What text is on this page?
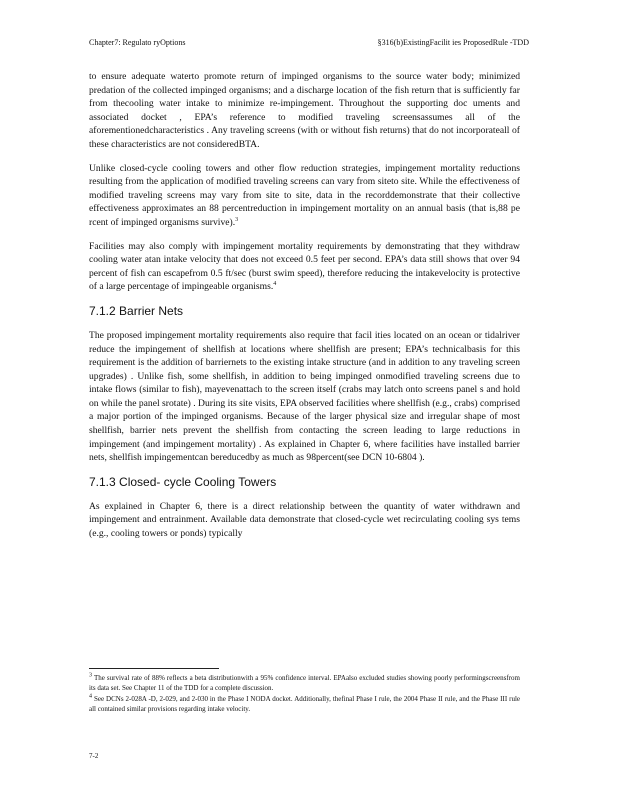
Chapter7: Regulato ryOptions	§316(b)ExistingFacilit ies ProposedRule -TDD

to ensure adequate waterto promote return of impinged organisms to the source water body; minimized predation of the collected impinged organisms; and a discharge location of the fish return that is sufficiently far from thecooling water intake to minimize re-impingement. Throughout the supporting doc uments and associated docket , EPA’s reference to modified traveling screensassumes all of the aforementionedcharacteristics . Any traveling screens (with or without fish returns) that do not incorporateall of these characteristics are not consideredBTA.

Unlike closed-cycle cooling towers and other flow reduction strategies, impingement mortality reductions resulting from the application of modified traveling screens can vary from siteto site. While the effectiveness of modified traveling screens may vary from site to site, data in the recorddemonstrate that their collective effectiveness approximates an 88 percentreduction in impingement mortality on an annual basis (that is,88 pe rcent of impinged organisms survive).$^3$

Facilities may also comply with impingement mortality requirements by demonstrating that they withdraw cooling water atan intake velocity that does not exceed 0.5 feet per second. EPA’s data still shows that over 94 percent of fish can escapefrom 0.5 ft/sec (burst swim speed), therefore reducing the intakevelocity is protective of a large percentage of impingeable organisms.$^4$

7.1.2 Barrier Nets

The proposed impingement mortality requirements also require that facil ities located on an ocean or tidalriver reduce the impingement of shellfish at locations where shellfish are present; EPA’s technicalbasis for this requirement is the addition of barriernets to the existing intake structure (and in addition to any traveling screen upgrades) . Unlike fish, some shellfish, in addition to being impinged onmodified traveling screens due to intake flows (similar to fish), mayevenattach to the screen itself (crabs may latch onto screens panel s and hold on while the panel srotate) . During its site visits, EPA observed facilities where shellfish (e.g., crabs) comprised a major portion of the impinged organisms. Because of the larger physical size and irregular shape of most shellfish, barrier nets prevent the shellfish from contacting the screen leading to large reductions in impingement (and impingement mortality) . As explained in Chapter 6, where facilities have installed barrier nets, shellfish impingementcan bereducedby as much as 98percent(see DCN 10-6804 ).

7.1.3 Closed- cycle Cooling Towers

As explained in Chapter 6, there is a direct relationship between the quantity of water withdrawn and impingement and entrainment. Available data demonstrate that closed-cycle wet recirculating cooling sys tems (e.g., cooling towers or ponds) typically

$^3$ The survival rate of 88% reflects a beta distributionwith a 95% confidence interval. EPAalso excluded studies showing poorly performingscreensfrom its data set. See Chapter 11 of the TDD for a complete discussion.

$^4$ See DCNs 2-028A -D, 2-029, and 2-030 in the Phase I NODA docket. Additionally, thefinal Phase I rule, the 2004 Phase II rule, and the Phase III rule all contained similar provisions regarding intake velocity.

7-2
